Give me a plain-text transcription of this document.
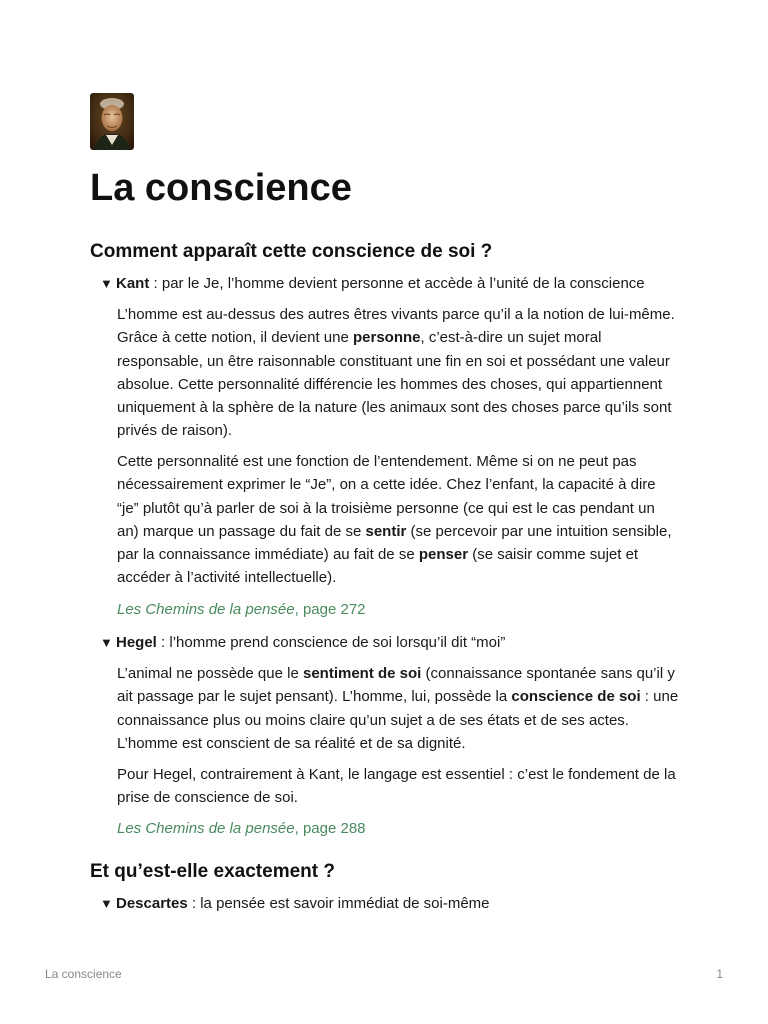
La conscience
Comment apparaît cette conscience de soi ?
▼ Kant : par le Je, l’homme devient personne et accède à l’unité de la conscience

L’homme est au-dessus des autres êtres vivants parce qu’il a la notion de lui-même. Grâce à cette notion, il devient une personne, c’est-à-dire un sujet moral responsable, un être raisonnable constituant une fin en soi et possédant une valeur absolue. Cette personnalité différencie les hommes des choses, qui appartiennent uniquement à la sphère de la nature (les animaux sont des choses parce qu’ils sont privés de raison).

Cette personnalité est une fonction de l’entendement. Même si on ne peut pas nécessairement exprimer le “Je”, on a cette idée. Chez l’enfant, la capacité à dire “je” plutôt qu’à parler de soi à la troisième personne (ce qui est le cas pendant un an) marque un passage du fait de se sentir (se percevoir par une intuition sensible, par la connaissance immédiate) au fait de se penser (se saisir comme sujet et accéder à l’activité intellectuelle).

Les Chemins de la pensée, page 272
▼ Hegel : l’homme prend conscience de soi lorsqu’il dit “moi”

L’animal ne possède que le sentiment de soi (connaissance spontanée sans qu’il y ait passage par le sujet pensant). L’homme, lui, possède la conscience de soi : une connaissance plus ou moins claire qu’un sujet a de ses états et de ses actes. L’homme est conscient de sa réalité et de sa dignité.

Pour Hegel, contrairement à Kant, le langage est essentiel : c’est le fondement de la prise de conscience de soi.

Les Chemins de la pensée, page 288
Et qu’est-elle exactement ?
▼ Descartes : la pensée est savoir immédiat de soi-même
La conscience	1
